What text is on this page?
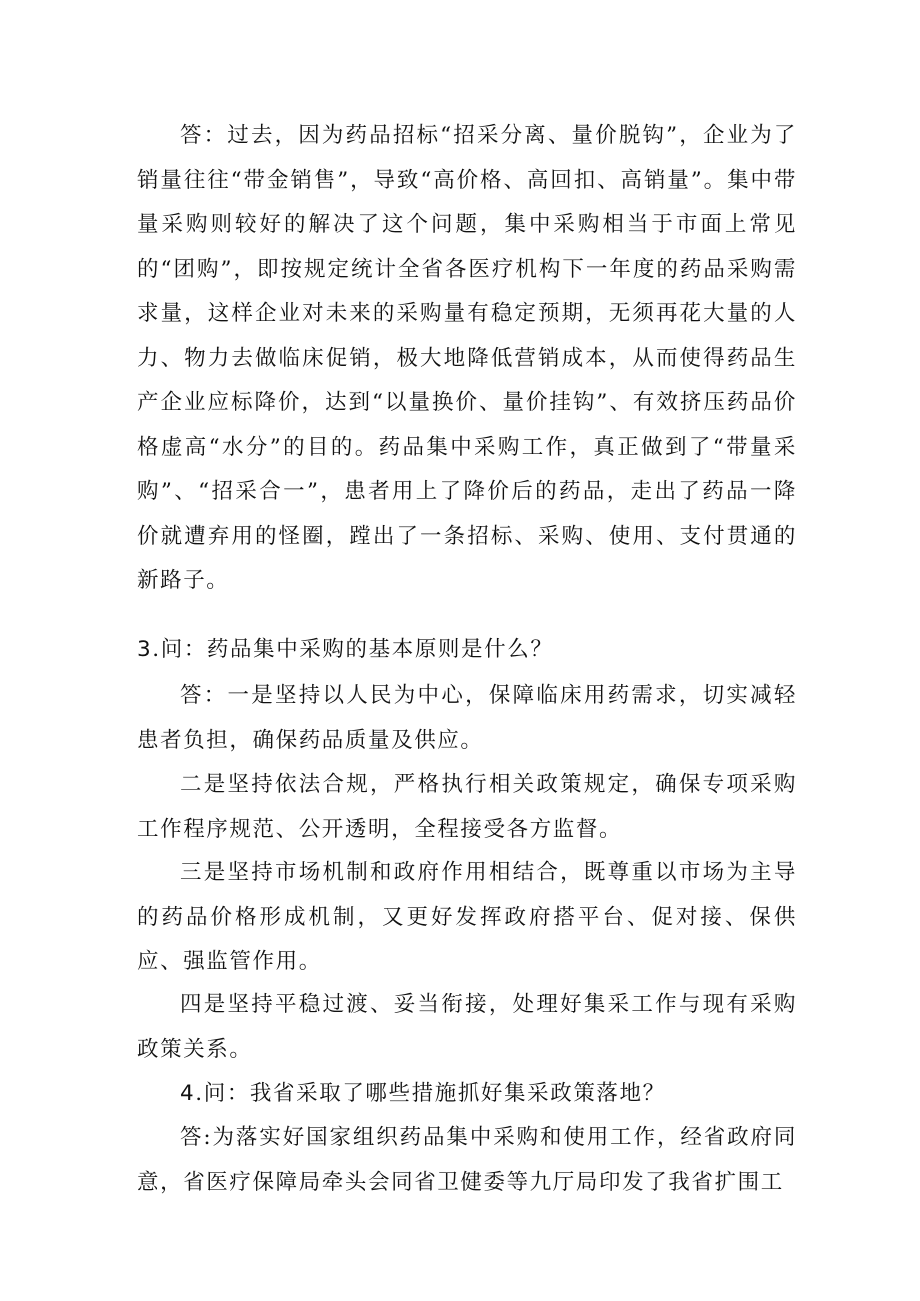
答：过去，因为药品招标“招采分离、量价脱钩”，企业为了销量往往“带金销售”，导致“高价格、高回扣、高销量”。集中带量采购则较好的解决了这个问题，集中采购相当于市面上常见的“团购”，即按规定统计全省各医疗机构下一年度的药品采购需求量，这样企业对未来的采购量有稳定预期，无须再花大量的人力、物力去做临床促销，极大地降低营销成本，从而使得药品生产企业应标降价，达到“以量换价、量价挂钩”、有效挤压药品价格虚高“水分”的目的。药品集中采购工作，真正做到了“带量采购”、“招采合一”，患者用上了降价后的药品，走出了药品一降价就遭弃用的怪圈，蹚出了一条招标、采购、使用、支付贯通的新路子。

3.问：药品集中采购的基本原则是什么？

答：一是坚持以人民为中心，保障临床用药需求，切实减轻患者负担，确保药品质量及供应。

二是坚持依法合规，严格执行相关政策规定，确保专项采购工作程序规范、公开透明，全程接受各方监督。

三是坚持市场机制和政府作用相结合，既尊重以市场为主导的药品价格形成机制，又更好发挥政府搭平台、促对接、保供应、强监管作用。

四是坚持平稳过渡、妥当衔接，处理好集采工作与现有采购政策关系。

4.问：我省采取了哪些措施抓好集采政策落地？

答:为落实好国家组织药品集中采购和使用工作，经省政府同意，省医疗保障局牵头会同省卫健委等九厅局印发了我省扩围工
